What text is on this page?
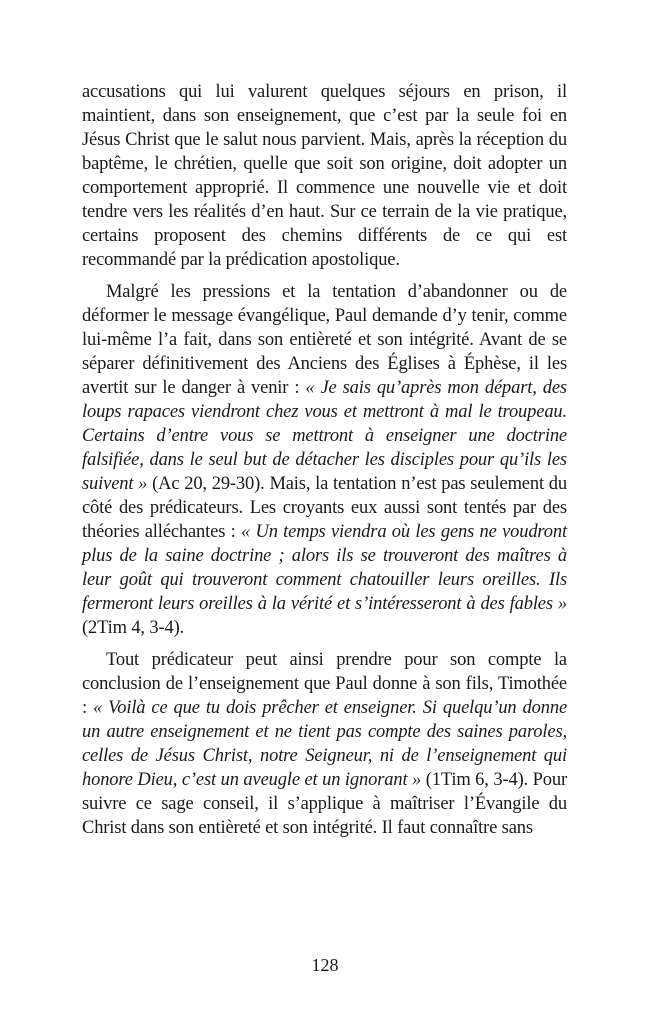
accusations qui lui valurent quelques séjours en prison, il maintient, dans son enseignement, que c’est par la seule foi en Jésus Christ que le salut nous parvient. Mais, après la réception du baptême, le chrétien, quelle que soit son origine, doit adopter un comportement approprié. Il commence une nouvelle vie et doit tendre vers les réalités d’en haut. Sur ce terrain de la vie pratique, certains proposent des chemins différents de ce qui est recommandé par la prédication apostolique.

Malgré les pressions et la tentation d’abandonner ou de déformer le message évangélique, Paul demande d’y tenir, comme lui-même l’a fait, dans son entièreté et son intégrité. Avant de se séparer définitivement des Anciens des Églises à Éphèse, il les avertit sur le danger à venir : « Je sais qu’après mon départ, des loups rapaces viendront chez vous et mettront à mal le troupeau. Certains d’entre vous se mettront à enseigner une doctrine falsifiée, dans le seul but de détacher les disciples pour qu’ils les suivent » (Ac 20, 29-30). Mais, la tentation n’est pas seulement du côté des prédicateurs. Les croyants eux aussi sont tentés par des théories alléchantes : « Un temps viendra où les gens ne voudront plus de la saine doctrine ; alors ils se trouveront des maîtres à leur goût qui trouveront comment chatouiller leurs oreilles. Ils fermeront leurs oreilles à la vérité et s’intéresseront à des fables » (2Tim 4, 3-4).

Tout prédicateur peut ainsi prendre pour son compte la conclusion de l’enseignement que Paul donne à son fils, Timothée : « Voilà ce que tu dois prêcher et enseigner. Si quelqu’un donne un autre enseignement et ne tient pas compte des saines paroles, celles de Jésus Christ, notre Seigneur, ni de l’enseignement qui honore Dieu, c’est un aveugle et un ignorant » (1Tim 6, 3-4). Pour suivre ce sage conseil, il s’applique à maîtriser l’Évangile du Christ dans son entièreté et son intégrité. Il faut connaître sans

128
